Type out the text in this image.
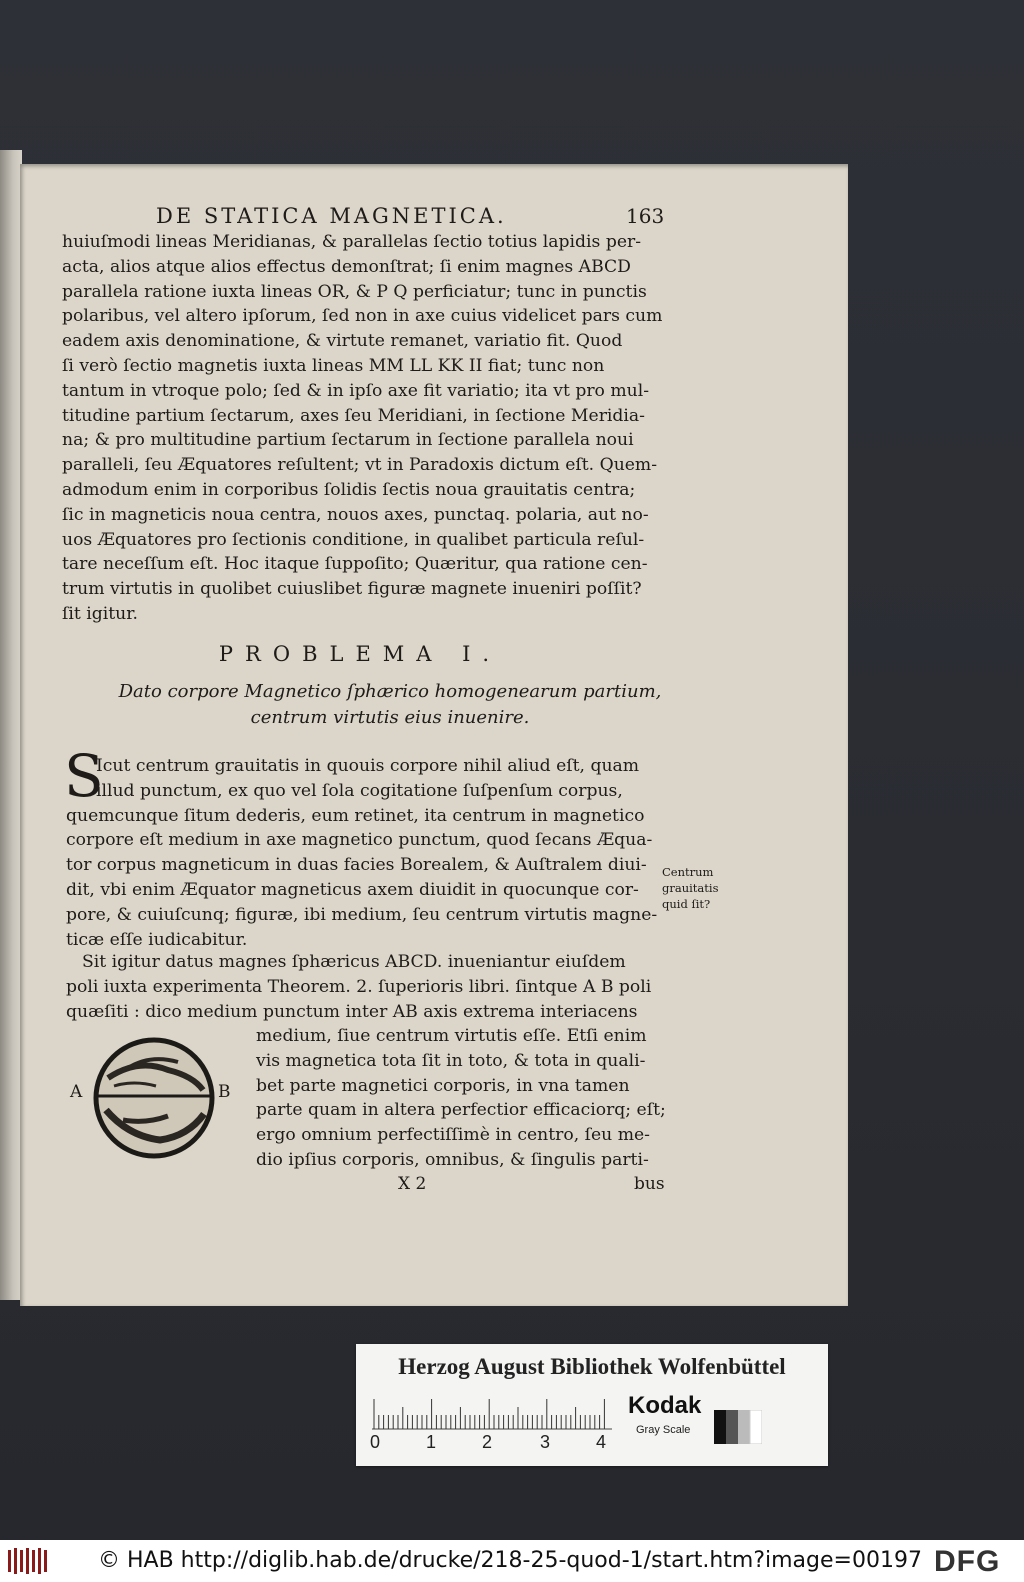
DE STATICA MAGNETICA.	163
huiuſmodi lineas Meridianas, & parallelas ſectio totius lapidis per-
acta, alios atque alios effectus demonſtrat; ſi enim magnes ABCD
parallela ratione iuxta lineas OR, & P Q perficiatur; tunc in punctis
polaribus, vel altero ipſorum, ſed non in axe cuius videlicet pars cum
eadem axis denominatione, & virtute remanet, variatio fit. Quod
ſi verò ſectio magnetis iuxta lineas MM LL KK II fiat; tunc non
tantum in vtroque polo; ſed & in ipſo axe fit variatio; ita vt pro mul-
titudine partium ſectarum, axes ſeu Meridiani, in ſectione Meridia-
na; & pro multitudine partium ſectarum in ſectione parallela noui
paralleli, ſeu Æquatores reſultent; vt in Paradoxis dictum eſt. Quem-
admodum enim in corporibus ſolidis ſectis noua grauitatis centra;
ſic in magneticis noua centra, nouos axes, punctaq. polaria, aut no-
uos Æquatores pro ſectionis conditione, in qualibet particula reſul-
tare neceſſum eſt. Hoc itaque ſuppoſito; Quæritur, qua ratione cen-
trum virtutis in quolibet cuiuslibet figuræ magnete inueniri poſſit?
ſit igitur.
PROBLEMA I.
Dato corpore Magnetico ſphærico homogenearum partium,
centrum virtutis eius inuenire.
S
Icut centrum grauitatis in quouis corpore nihil aliud eſt, quam
illud punctum, ex quo vel ſola cogitatione ſuſpenſum corpus,
quemcunque ſitum dederis, eum retinet, ita centrum in magnetico
corpore eſt medium in axe magnetico punctum, quod ſecans Æqua-
tor corpus magneticum in duas facies Borealem, & Auſtralem diui-
dit, vbi enim Æquator magneticus axem diuidit in quocunque cor-
pore, & cuiuſcunq; figuræ, ibi medium, ſeu centrum virtutis magne-
ticæ eſſe iudicabitur.
Centrum
grauitatis
quid ſit?
Sit igitur datus magnes ſphæricus ABCD. inueniantur eiuſdem
poli iuxta experimenta Theorem. 2. ſuperioris libri. ſintque A B poli
quæſiti : dico medium punctum inter AB axis extrema interiacens
medium, ſiue centrum virtutis eſſe. Etſi enim
vis magnetica tota ſit in toto, & tota in quali-
bet parte magnetici corporis, in vna tamen
parte quam in altera perfectior efficaciorq; eſt;
ergo omnium perfectiſſimè in centro, ſeu me-
dio ipſius corporis, omnibus, & ſingulis parti-
A	B
X 2	bus
Herzog August Bibliothek Wolfenbüttel
0	1	2	3	4
Kodak
Gray Scale
© HAB http://diglib.hab.de/drucke/218-25-quod-1/start.htm?image=00197 DFG
